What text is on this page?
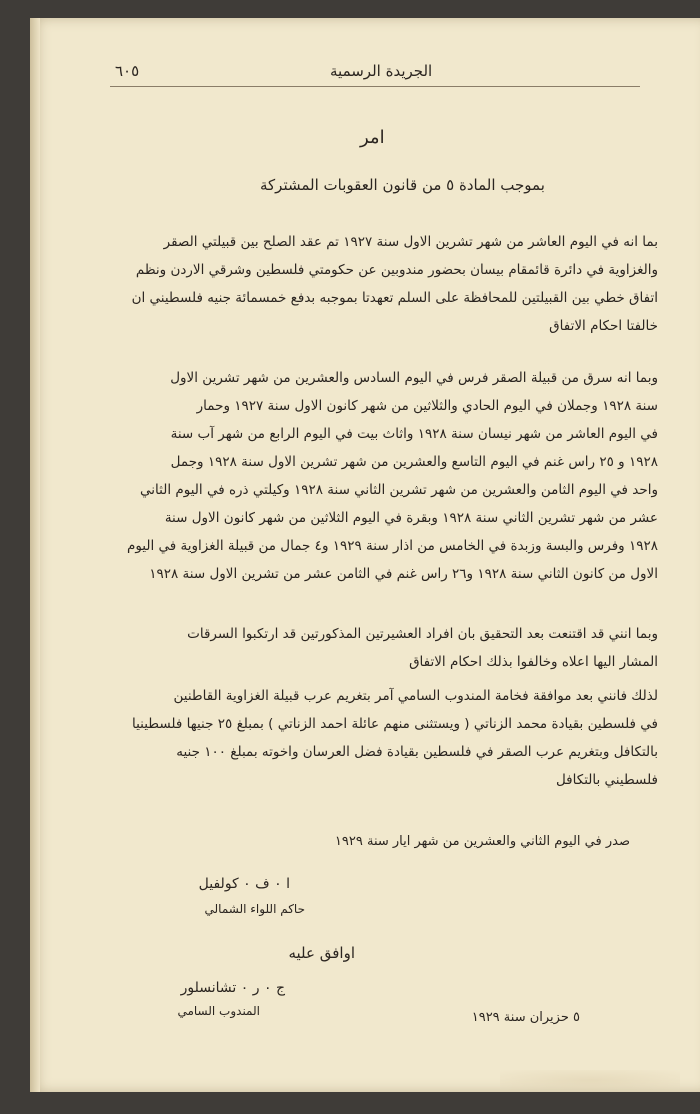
الجريدة الرسمية

٦٠٥

امر

بموجب المادة ٥ من قانون العقوبات المشتركة

بما انه في اليوم العاشر من شهر تشرين الاول سنة ١٩٢٧ تم عقد الصلح بين قبيلتي الصقر
والغزاوية في دائرة قائمقام بيسان بحضور مندوبين عن حكومتي فلسطين وشرقي الاردن ونظم
اتفاق خطي بين القبيلتين للمحافظة على السلم تعهدتا بموجبه بدفع خمسمائة جنيه فلسطيني ان
خالفتا احكام الاتفاق
وبما انه سرق من قبيلة الصقر فرس في اليوم السادس والعشرين من شهر تشرين الاول
سنة ١٩٢٨ وجملان في اليوم الحادي والثلاثين من شهر كانون الاول سنة ١٩٢٧ وحمار
في اليوم العاشر من شهر نيسان سنة ١٩٢٨ واثاث بيت في اليوم الرابع من شهر آب سنة
١٩٢٨ و ٢٥ راس غنم في اليوم التاسع والعشرين من شهر تشرين الاول سنة ١٩٢٨ وجمل
واحد في اليوم الثامن والعشرين من شهر تشرين الثاني سنة ١٩٢٨ وكيلتي ذره في اليوم الثاني
عشر من شهر تشرين الثاني سنة ١٩٢٨ وبقرة في اليوم الثلاثين من شهر كانون الاول سنة
١٩٢٨ وفرس والبسة وزبدة في الخامس من اذار سنة ١٩٢٩ و٤ جمال من قبيلة الغزاوية في اليوم
الاول من كانون الثاني سنة ١٩٢٨ و٢٦ راس غنم في الثامن عشر من تشرين الاول سنة ١٩٢٨
وبما انني قد اقتنعت بعد التحقيق بان افراد العشيرتين المذكورتين قد ارتكبوا السرقات
المشار اليها اعلاه وخالفوا بذلك احكام الاتفاق
لذلك فانني بعد موافقة فخامة المندوب السامي آمر بتغريم عرب قبيلة الغزاوية القاطنين
في فلسطين بقيادة محمد الزناتي ( ويستثنى منهم عائلة احمد الزناتي ) بمبلغ ٢٥ جنيها فلسطينيا
بالتكافل وبتغريم عرب الصقر في فلسطين بقيادة فضل العرسان واخوته بمبلغ ١٠٠ جنيه
فلسطيني بالتكافل

صدر في اليوم الثاني والعشرين من شهر ايار سنة ١٩٢٩

ا ٠ ف ٠ كولفيل

حاكم اللواء الشمالي

اوافق عليه

ج ٠ ر ٠ تشانسلور

المندوب السامي	٥ حزيران سنة ١٩٢٩
